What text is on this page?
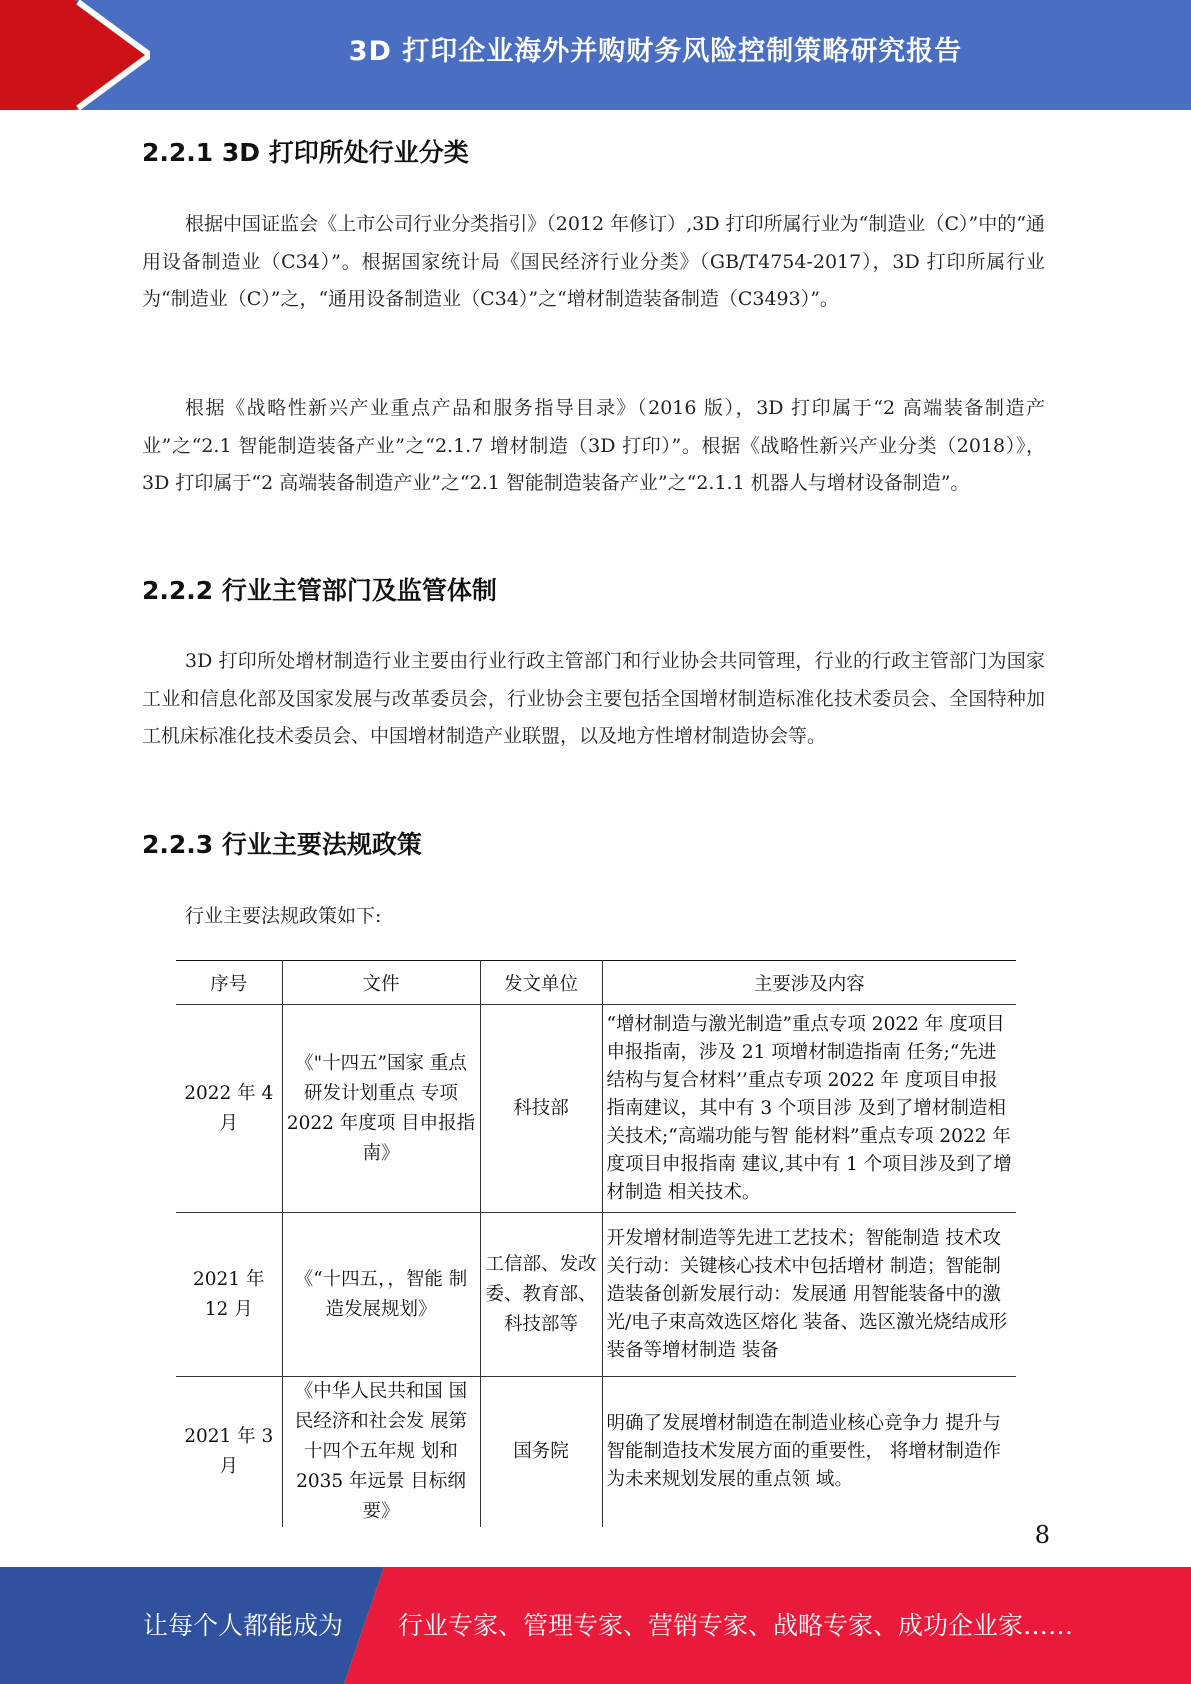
3D 打印企业海外并购财务风险控制策略研究报告
2.2.1 3D 打印所处行业分类

根据中国证监会《上市公司行业分类指引》（2012 年修订）,3D 打印所属行业为“制造业（C）”中的“通用设备制造业（C34）”。根据国家统计局《国民经济行业分类》（GB/T4754-2017），3D 打印所属行业为“制造业（C）”之，“通用设备制造业（C34）”之“增材制造装备制造（C3493）”。

根据《战略性新兴产业重点产品和服务指导目录》（2016 版），3D 打印属于“2 高端装备制造产业”之“2.1 智能制造装备产业”之“2.1.7 增材制造（3D 打印）”。根据《战略性新兴产业分类（2018）》，3D 打印属于“2 高端装备制造产业”之“2.1 智能制造装备产业”之“2.1.1 机器人与增材设备制造”。

2.2.2 行业主管部门及监管体制

3D 打印所处增材制造行业主要由行业行政主管部门和行业协会共同管理，行业的行政主管部门为国家工业和信息化部及国家发展与改革委员会，行业协会主要包括全国增材制造标准化技术委员会、全国特种加工机床标准化技术委员会、中国增材制造产业联盟，以及地方性增材制造协会等。

2.2.3 行业主要法规政策

行业主要法规政策如下:

序号	文件	发文单位	主要涉及内容
2022 年 4 月	《"十四五”国家 重点研发计划重点 专项 2022 年度项 目申报指南》	科技部	“增材制造与激光制造”重点专项 2022 年 度项目申报指南，涉及 21 项增材制造指南 任务;“先进结构与复合材料’’重点专项 2022 年 度项目申报指南建议，其中有 3 个项目涉 及到了增材制造相关技术;“高端功能与智 能材料”重点专项 2022 年度项目申报指南 建议,其中有 1 个项目涉及到了增材制造 相关技术。
2021 年 12 月	《“十四五，，智能 制造发展规划》	工信部、发改委、教育部、科技部等	开发增材制造等先进工艺技术；智能制造 技术攻关行动：关键核心技术中包括增材 制造；智能制造装备创新发展行动：发展通 用智能装备中的激光/电子束高效选区熔化 装备、选区激光烧结成形装备等增材制造 装备
2021 年 3 月	《中华人民共和国 国民经济和社会发 展第十四个五年规 划和 2035 年远景 目标纲要》	国务院	明确了发展增材制造在制造业核心竞争力 提升与智能制造技术发展方面的重要性， 将增材制造作为未来规划发展的重点领 域。
8
让每个人都能成为 行业专家、管理专家、营销专家、战略专家、成功企业家……
